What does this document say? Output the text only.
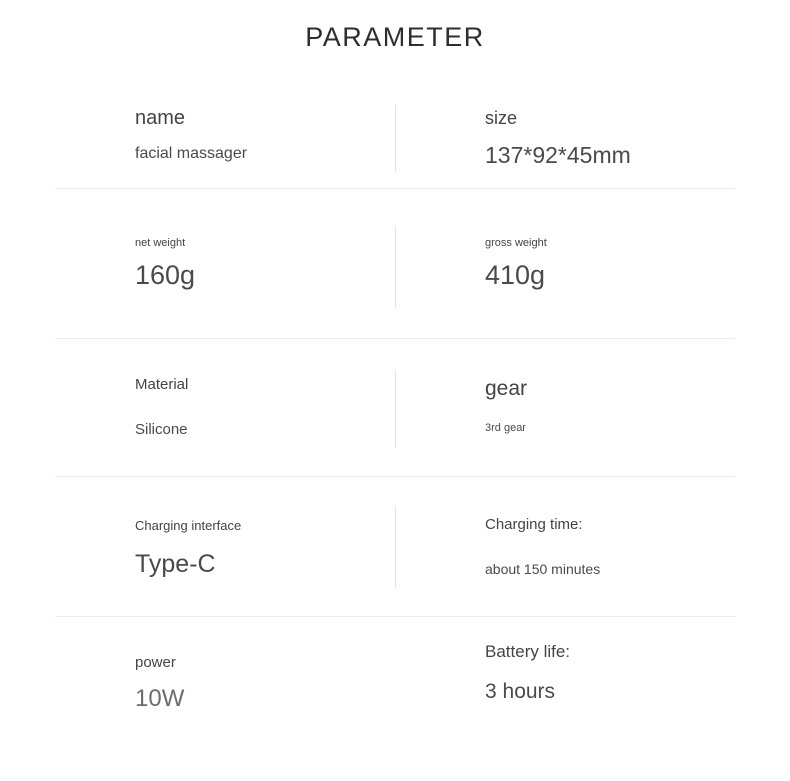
PARAMETER
name
facial massager
size
137*92*45mm
net weight
160g
gross weight
410g
Material
Silicone
gear
3rd gear
Charging interface
Type-C
Charging time:
about 150 minutes
power
10W
Battery life:
3 hours
